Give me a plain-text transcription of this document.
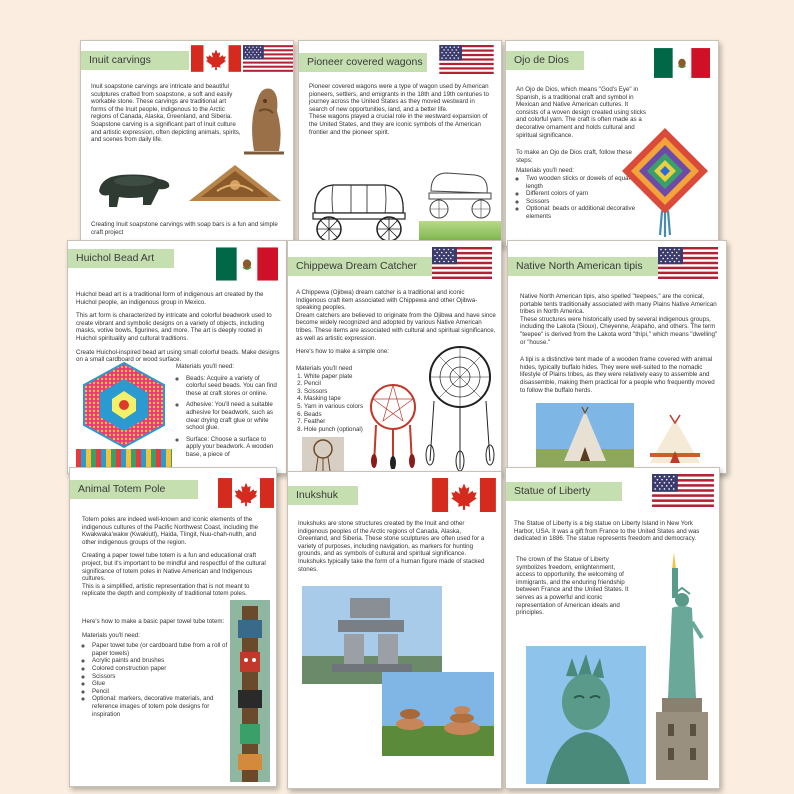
Inuit carvings

Inuit soapstone carvings are intricate and beautiful sculptures crafted from soapstone, a soft and easily workable stone. These carvings are traditional art forms of the Inuit people, indigenous to the Arctic regions of Canada, Alaska, Greenland, and Siberia. Soapstone carving is a significant part of Inuit culture and artistic expression, often depicting animals, spirits, and scenes from daily life.

Creating Inuit soapstone carvings with soap bars is a fun and simple craft project

Pioneer covered wagons

Pioneer covered wagons were a type of wagon used by American pioneers, settlers, and emigrants in the 18th and 19th centuries to journey across the United States as they moved westward in search of new opportunities, land, and a better life.

These wagons played a crucial role in the westward expansion of the United States, and they are iconic symbols of the American frontier and the pioneer spirit.

Ojo de Dios

An Ojo de Dios, which means "God's Eye" in Spanish, is a traditional craft and symbol in Mexican and Native American cultures. It consists of a woven design created using sticks and colorful yarn. The craft is often made as a decorative ornament and holds cultural and spiritual significance.

To make an Ojo de Dios craft, follow these steps:

Materials you'll need:

◦ Two wooden sticks or dowels of equal length
◦ Different colors of yarn
◦ Scissors
◦ Optional: beads or additional decorative elements
Huichol Bead Art

Huichol bead art is a traditional form of indigenous art created by the Huichol people, an indigenous group in Mexico.

This art form is characterized by intricate and colorful beadwork used to create vibrant and symbolic designs on a variety of objects, including masks, votive bowls, figurines, and more. The art is deeply rooted in Huichol spirituality and cultural traditions.

Create Huichol-inspired bead art using small colorful beads. Make designs on a small cardboard or wood surface.

Materials you'll need:

◦ Beads: Acquire a variety of colorful seed beads. You can find these at craft stores or online.
◦ Adhesive: You'll need a suitable adhesive for beadwork, such as clear drying craft glue or white school glue.
◦ Surface: Choose a surface to apply your beadwork. A wooden base, a piece of
Chippewa Dream Catcher

A Chippewa (Ojibwa) dream catcher is a traditional and iconic Indigenous craft item associated with Chippewa and other Ojibwa-speaking peoples.

Dream catchers are believed to originate from the Ojibwa and have since become widely recognized and adopted by various Native American tribes. These items are associated with cultural and spiritual significance, as well as artistic expression.

Here's how to make a simple one:

Materials you'll need

1. White paper plate
2. Pencil
3. Scissors
4. Masking tape
5. Yarn in various colors
6. Beads
7. Feather
8. Hole punch (optional)
Native North American tipis

Native North American tipis, also spelled "teepees," are the conical, portable tents traditionally associated with many Plains Native American tribes in North America.

These structures were historically used by several indigenous groups, including the Lakota (Sioux), Cheyenne, Arapaho, and others. The term "teepee" is derived from the Lakota word "thípi," which means "dwelling" or "house."

A tipi is a distinctive tent made of a wooden frame covered with animal hides, typically buffalo hides. They were well-suited to the nomadic lifestyle of Plains tribes, as they were relatively easy to assemble and disassemble, making them practical for a people who frequently moved to follow the buffalo herds.

Animal Totem Pole

Totem poles are indeed well-known and iconic elements of the indigenous cultures of the Pacific Northwest Coast, including the Kwakwaka'wakw (Kwakiutl), Haida, Tlingit, Nuu-chah-nulth, and other indigenous groups of the region.

Creating a paper towel tube totem is a fun and educational craft project, but it's important to be mindful and respectful of the cultural significance of totem poles in Native American and Indigenous cultures.

This is a simplified, artistic representation that is not meant to replicate the depth and complexity of traditional totem poles.

Here's how to make a basic paper towel tube totem:

Materials you'll need:

◦ Paper towel tube (or cardboard tube from a roll of paper towels)
◦ Acrylic paints and brushes
◦ Colored construction paper
◦ Scissors
◦ Glue
◦ Pencil
◦ Optional: markers, decorative materials, and reference images of totem pole designs for inspiration
Inukshuk

Inukshuks are stone structures created by the Inuit and other indigenous peoples of the Arctic regions of Canada, Alaska, Greenland, and Siberia. These stone sculptures are often used for a variety of purposes, including navigation, as markers for hunting grounds, and as symbols of cultural and spiritual significance. Inukshuks typically take the form of a human figure made of stacked stones.

Statue of Liberty

The Statue of Liberty is a big statue on Liberty Island in New York Harbor, USA. It was a gift from France to the United States and was dedicated in 1886. The statue represents freedom and democracy.

The crown of the Statue of Liberty symbolizes freedom, enlightenment, access to opportunity, the welcoming of immigrants, and the enduring friendship between France and the United States. It serves as a powerful and iconic representation of American ideals and principles.
